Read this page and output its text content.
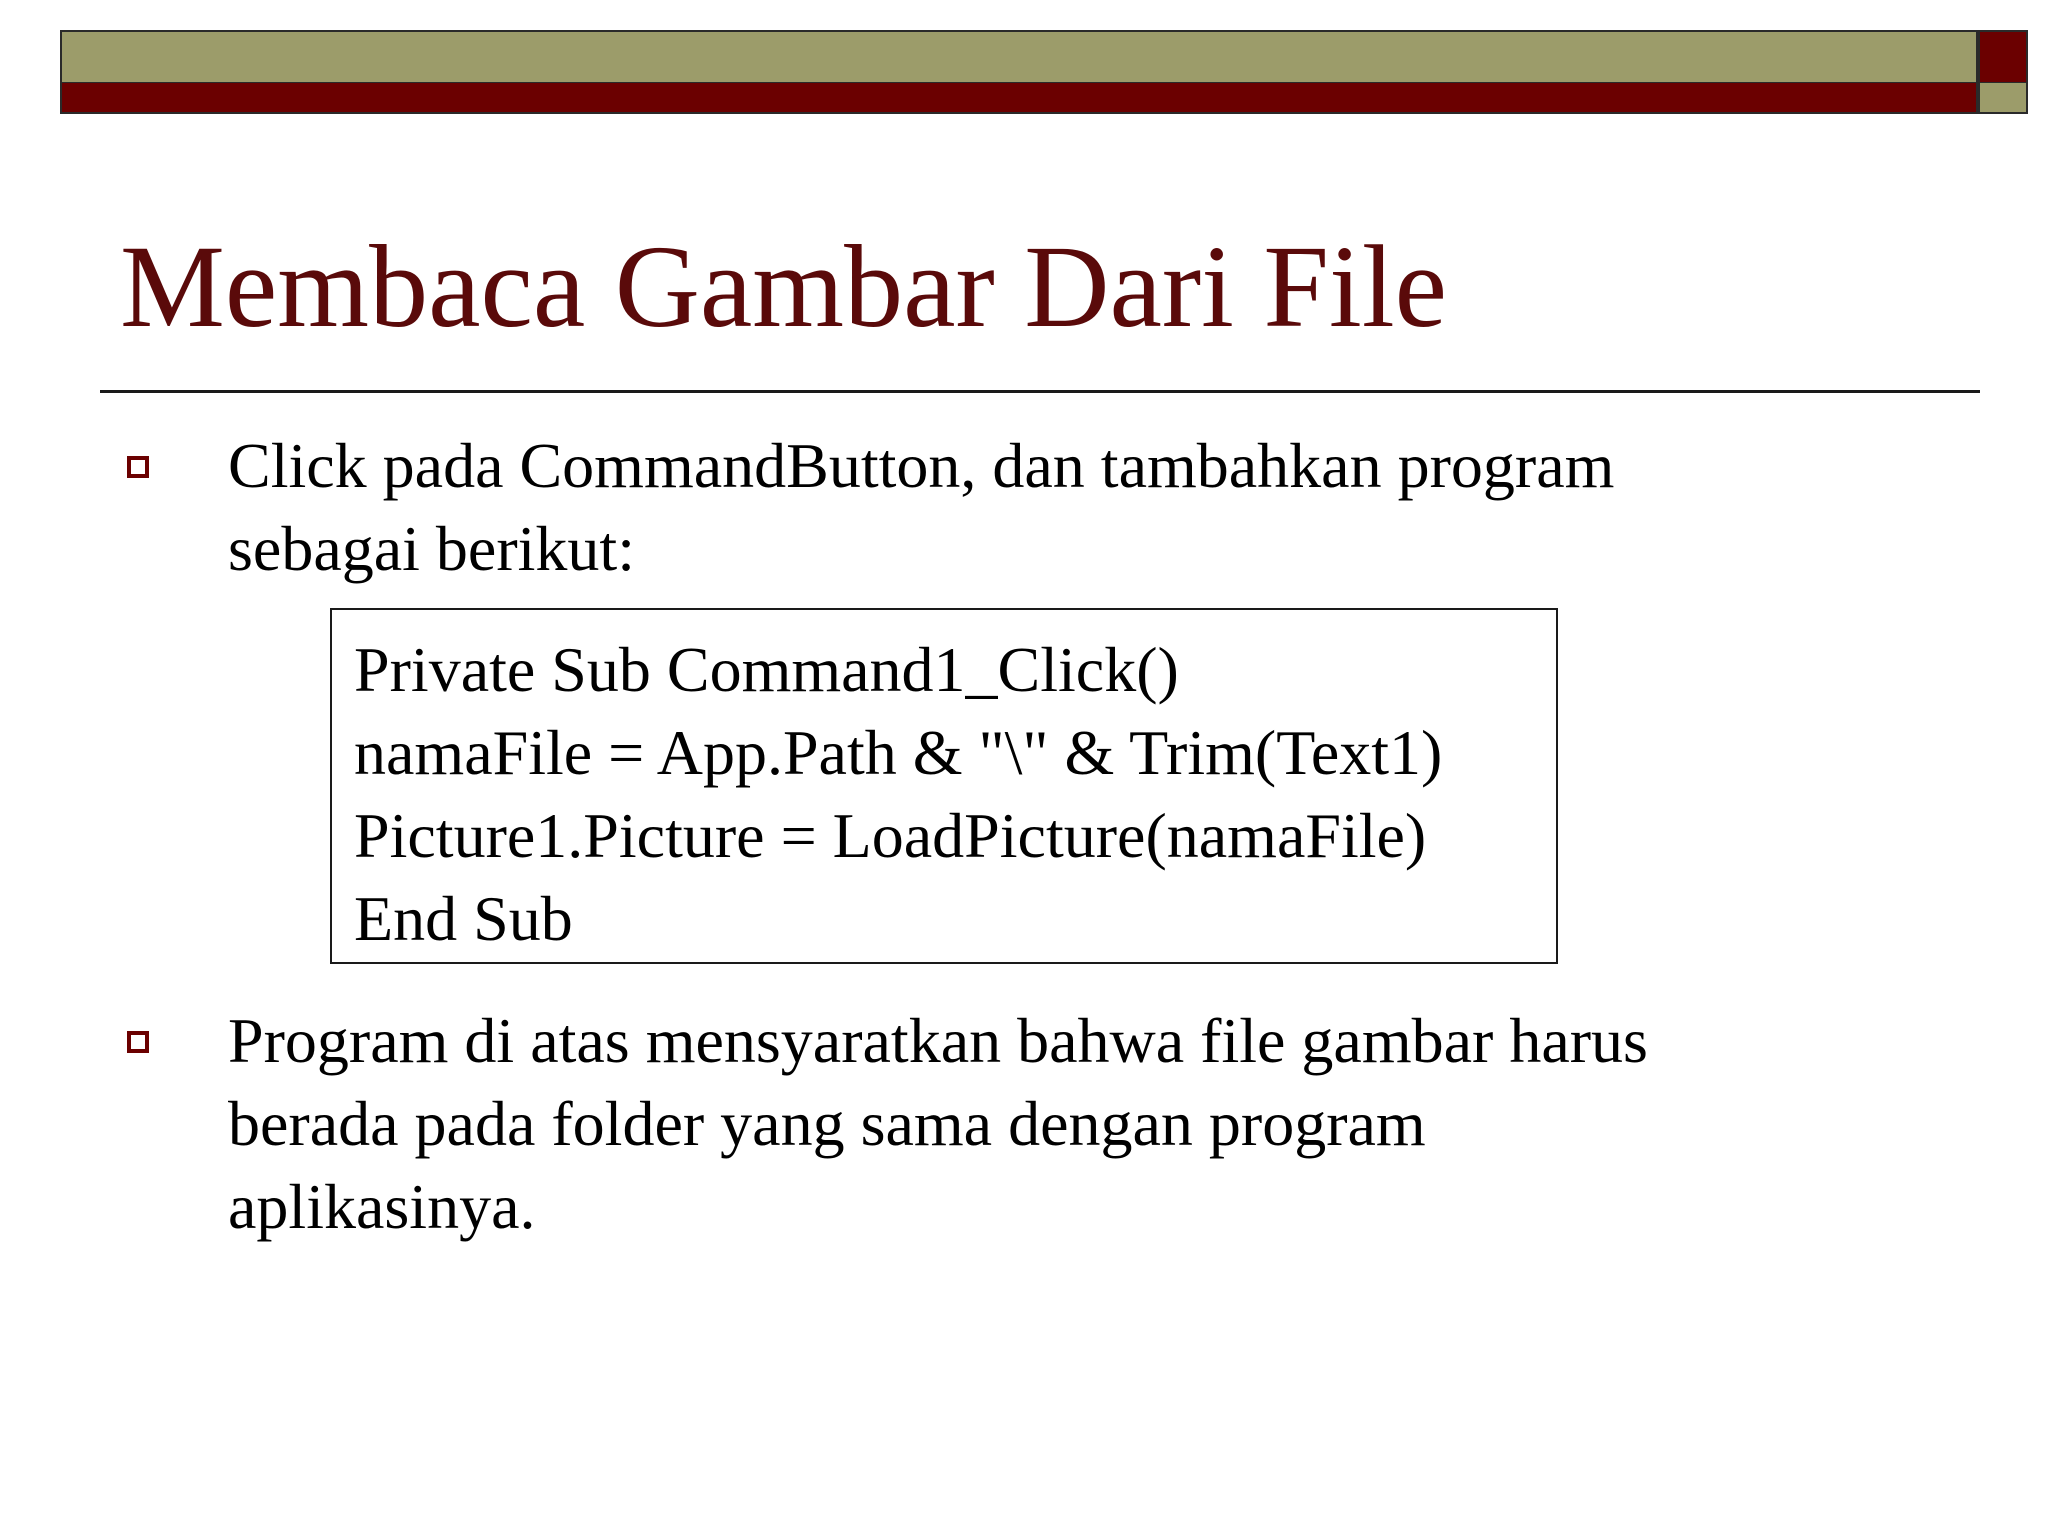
Membaca Gambar Dari File

Click pada CommandButton, dan tambahkan program
sebagai berikut:

Private Sub Command1_Click()
namaFile = App.Path & "\" & Trim(Text1)
Picture1.Picture = LoadPicture(namaFile)
End Sub

Program di atas mensyaratkan bahwa file gambar harus
berada pada folder yang sama dengan program
aplikasinya.
